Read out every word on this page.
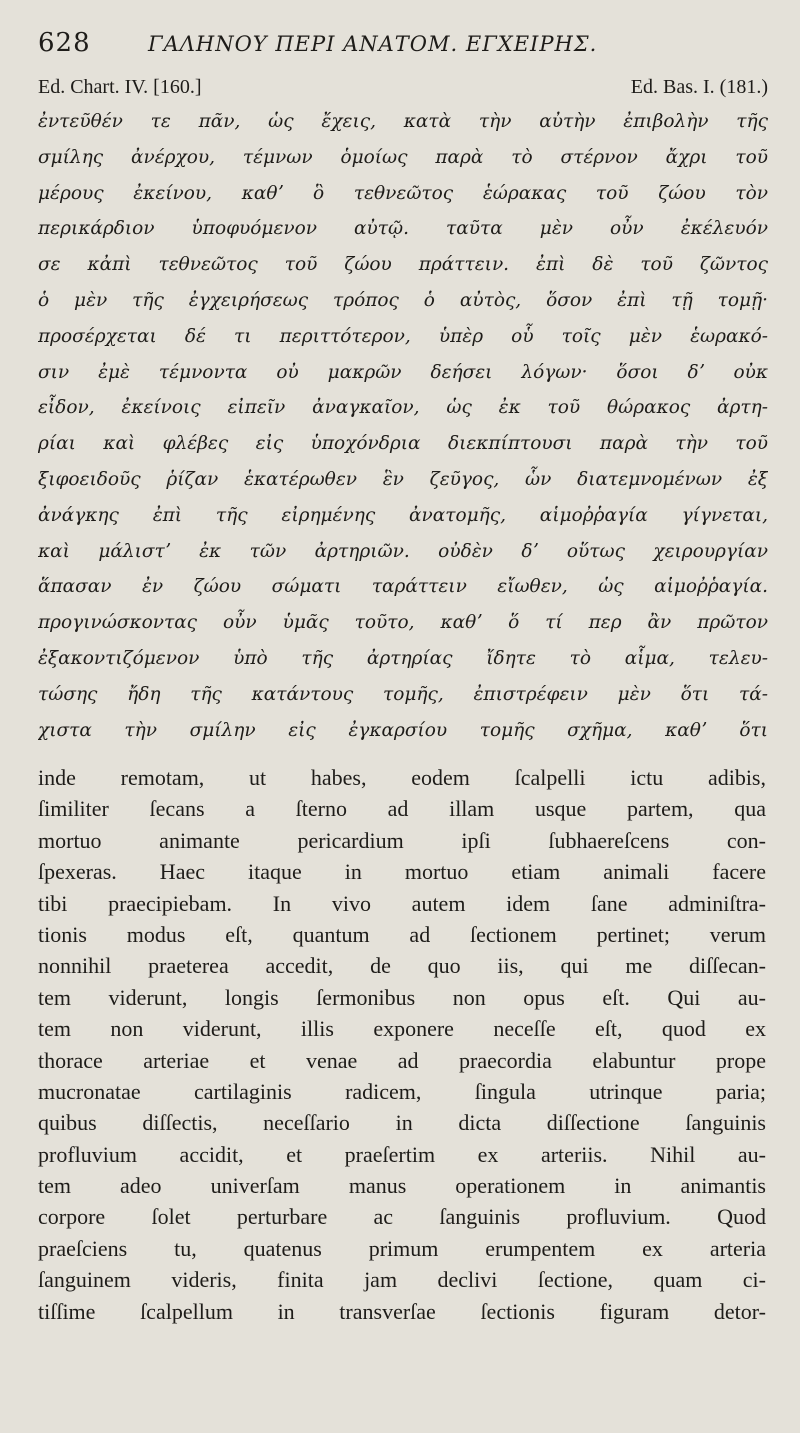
628	ΓΑΛΗΝΟΥ ΠΕΡΙ ΑΝΑΤΟΜ. ΕΓΧΕΙΡΗΣ.
Ed. Chart. IV. [160.]	Ed. Bas. I. (181.)
ἐντεῦθέν τε πᾶν, ὡς ἔχεις, κατὰ τὴν αὐτὴν ἐπιβολὴν τῆς
σμίλης ἀνέρχου, τέμνων ὁμοίως παρὰ τὸ στέρνον ἄχρι τοῦ
μέρους ἐκείνου, καθʼ ὃ τεθνεῶτος ἑώρακας τοῦ ζώου τὸν
περικάρδιον ὑποφυόμενον αὐτῷ. ταῦτα μὲν οὖν ἐκέλευόν
σε κἀπὶ τεθνεῶτος τοῦ ζώου πράττειν. ἐπὶ δὲ τοῦ ζῶντος
ὁ μὲν τῆς ἐγχειρήσεως τρόπος ὁ αὐτὸς, ὅσον ἐπὶ τῇ τομῇ·
προσέρχεται δέ τι περιττότερον, ὑπὲρ οὗ τοῖς μὲν ἑωρακό-
σιν ἐμὲ τέμνοντα οὐ μακρῶν δεήσει λόγων· ὅσοι δʼ οὐκ
εἶδον, ἐκείνοις εἰπεῖν ἀναγκαῖον, ὡς ἐκ τοῦ θώρακος ἀρτη-
ρίαι καὶ φλέβες εἰς ὑποχόνδρια διεκπίπτουσι παρὰ τὴν τοῦ
ξιφοειδοῦς ῥίζαν ἑκατέρωθεν ἓν ζεῦγος, ὧν διατεμνομένων ἐξ
ἀνάγκης ἐπὶ τῆς εἰρημένης ἀνατομῆς, αἱμοῤῥαγία γίγνεται,
καὶ μάλιστʼ ἐκ τῶν ἀρτηριῶν. οὐδὲν δʼ οὕτως χειρουργίαν
ἅπασαν ἐν ζώου σώματι ταράττειν εἴωθεν, ὡς αἱμοῤῥαγία.
προγινώσκοντας οὖν ὑμᾶς τοῦτο, καθʼ ὅ τί περ ἂν πρῶτον
ἐξακοντιζόμενον ὑπὸ τῆς ἀρτηρίας ἴδητε τὸ αἷμα, τελευ-
τώσης ἤδη τῆς κατάντους τομῆς, ἐπιστρέφειν μὲν ὅτι τά-
χιστα τὴν σμίλην εἰς ἐγκαρσίου τομῆς σχῆμα, καθʼ ὅτι
inde remotam, ut habes, eodem ſcalpelli ictu adibis,
ſimiliter ſecans a ſterno ad illam usque partem, qua
mortuo animante pericardium ipſi ſubhaereſcens con-
ſpexeras. Haec itaque in mortuo etiam animali facere
tibi praecipiebam. In vivo autem idem ſane adminiſtra-
tionis modus eſt, quantum ad ſectionem pertinet; verum
nonnihil praeterea accedit, de quo iis, qui me diſſecan-
tem viderunt, longis ſermonibus non opus eſt. Qui au-
tem non viderunt, illis exponere neceſſe eſt, quod ex
thorace arteriae et venae ad praecordia elabuntur prope
mucronatae cartilaginis radicem, ſingula utrinque paria;
quibus diſſectis, neceſſario in dicta diſſectione ſanguinis
profluvium accidit, et praeſertim ex arteriis. Nihil au-
tem adeo univerſam manus operationem in animantis
corpore ſolet perturbare ac ſanguinis profluvium. Quod
praeſciens tu, quatenus primum erumpentem ex arteria
ſanguinem videris, finita jam declivi ſectione, quam ci-
tiſſime ſcalpellum in transverſae ſectionis figuram detor-
